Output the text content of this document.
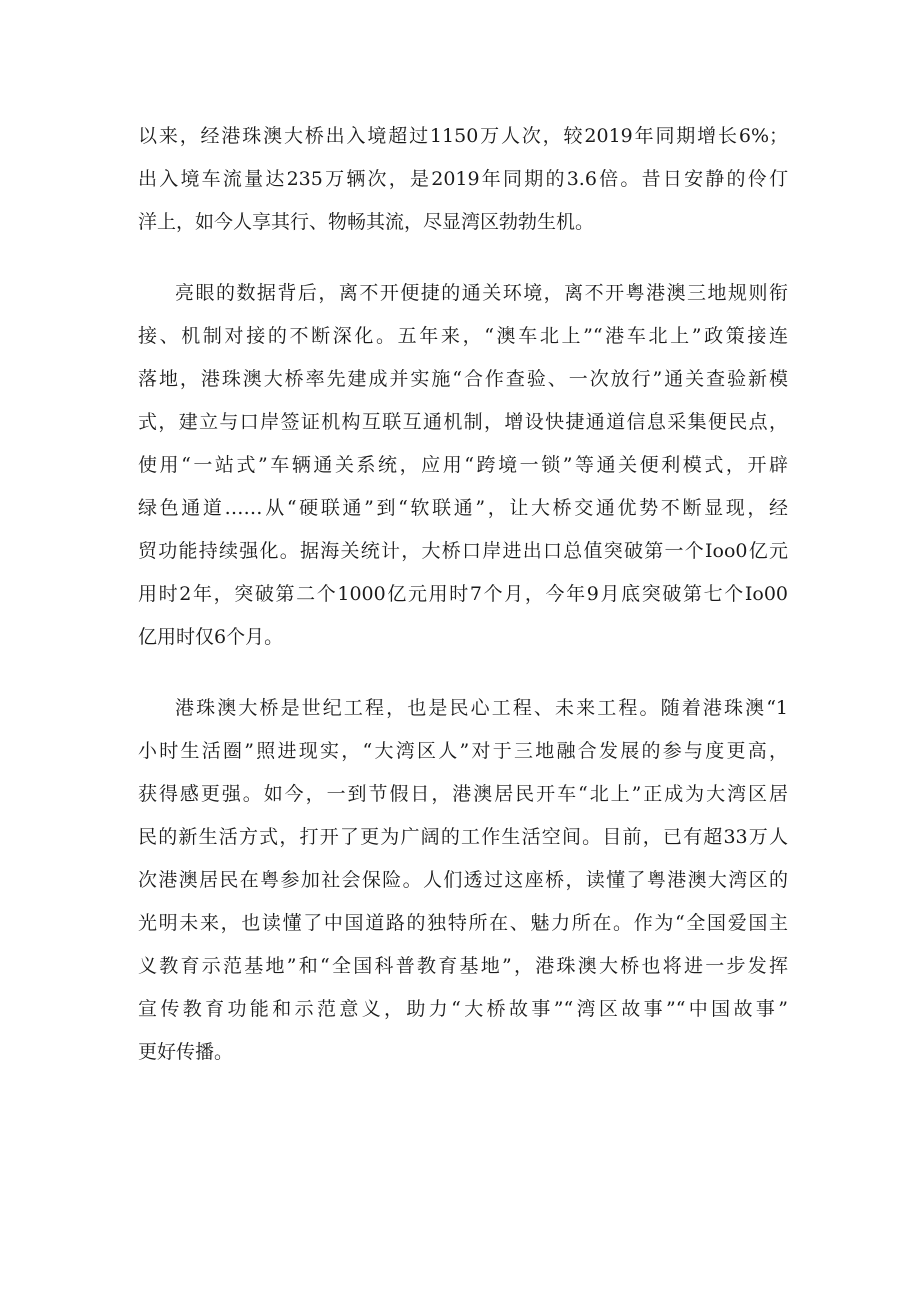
以来，经港珠澳大桥出入境超过1150万人次，较2019年同期增长6%；
出入境车流量达235万辆次，是2019年同期的3.6倍。昔日安静的伶仃
洋上，如今人享其行、物畅其流，尽显湾区勃勃生机。
亮眼的数据背后，离不开便捷的通关环境，离不开粤港澳三地规则衔
接、机制对接的不断深化。五年来，“澳车北上”“港车北上”政策接连
落地，港珠澳大桥率先建成并实施“合作查验、一次放行”通关查验新模
式，建立与口岸签证机构互联互通机制，增设快捷通道信息采集便民点，
使用“一站式”车辆通关系统，应用“跨境一锁”等通关便利模式，开辟
绿色通道……从“硬联通”到“软联通”，让大桥交通优势不断显现，经
贸功能持续强化。据海关统计，大桥口岸进出口总值突破第一个Ioo0亿元
用时2年，突破第二个1000亿元用时7个月，今年9月底突破第七个Io00
亿用时仅6个月。
港珠澳大桥是世纪工程，也是民心工程、未来工程。随着港珠澳“1
小时生活圈”照进现实，“大湾区人”对于三地融合发展的参与度更高，
获得感更强。如今，一到节假日，港澳居民开车“北上”正成为大湾区居
民的新生活方式，打开了更为广阔的工作生活空间。目前，已有超33万人
次港澳居民在粤参加社会保险。人们透过这座桥，读懂了粤港澳大湾区的
光明未来，也读懂了中国道路的独特所在、魅力所在。作为“全国爱国主
义教育示范基地”和“全国科普教育基地”，港珠澳大桥也将进一步发挥
宣传教育功能和示范意义，助力“大桥故事”“湾区故事”“中国故事”
更好传播。
